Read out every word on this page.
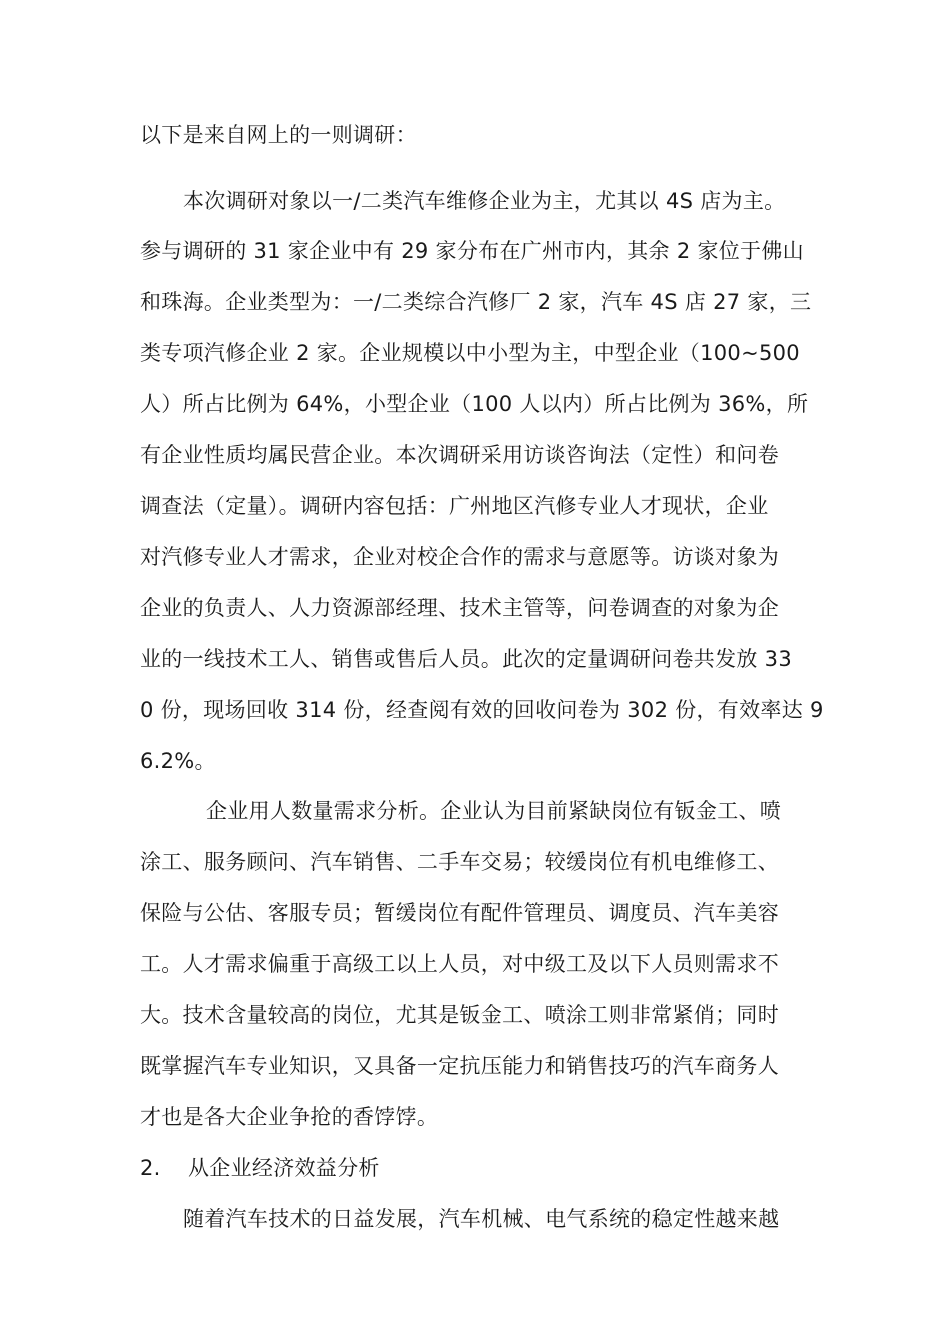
以下是来自网上的一则调研：
本次调研对象以一/二类汽车维修企业为主，尤其以 4S 店为主。
参与调研的 31 家企业中有 29 家分布在广州市内，其余 2 家位于佛山
和珠海。企业类型为：一/二类综合汽修厂 2 家，汽车 4S 店 27 家，三
类专项汽修企业 2 家。企业规模以中小型为主，中型企业（100~500
人）所占比例为 64%，小型企业（100 人以内）所占比例为 36%，所
有企业性质均属民营企业。本次调研采用访谈咨询法（定性）和问卷
调查法（定量）。调研内容包括：广州地区汽修专业人才现状，企业
对汽修专业人才需求，企业对校企合作的需求与意愿等。访谈对象为
企业的负责人、人力资源部经理、技术主管等，问卷调查的对象为企
业的一线技术工人、销售或售后人员。此次的定量调研问卷共发放 33
0 份，现场回收 314 份，经查阅有效的回收问卷为 302 份，有效率达 9
6.2%。
企业用人数量需求分析。企业认为目前紧缺岗位有钣金工、喷
涂工、服务顾问、汽车销售、二手车交易；较缓岗位有机电维修工、
保险与公估、客服专员；暂缓岗位有配件管理员、调度员、汽车美容
工。人才需求偏重于高级工以上人员，对中级工及以下人员则需求不
大。技术含量较高的岗位，尤其是钣金工、喷涂工则非常紧俏；同时
既掌握汽车专业知识，又具备一定抗压能力和销售技巧的汽车商务人
才也是各大企业争抢的香饽饽。
2. 从企业经济效益分析
随着汽车技术的日益发展，汽车机械、电气系统的稳定性越来越
